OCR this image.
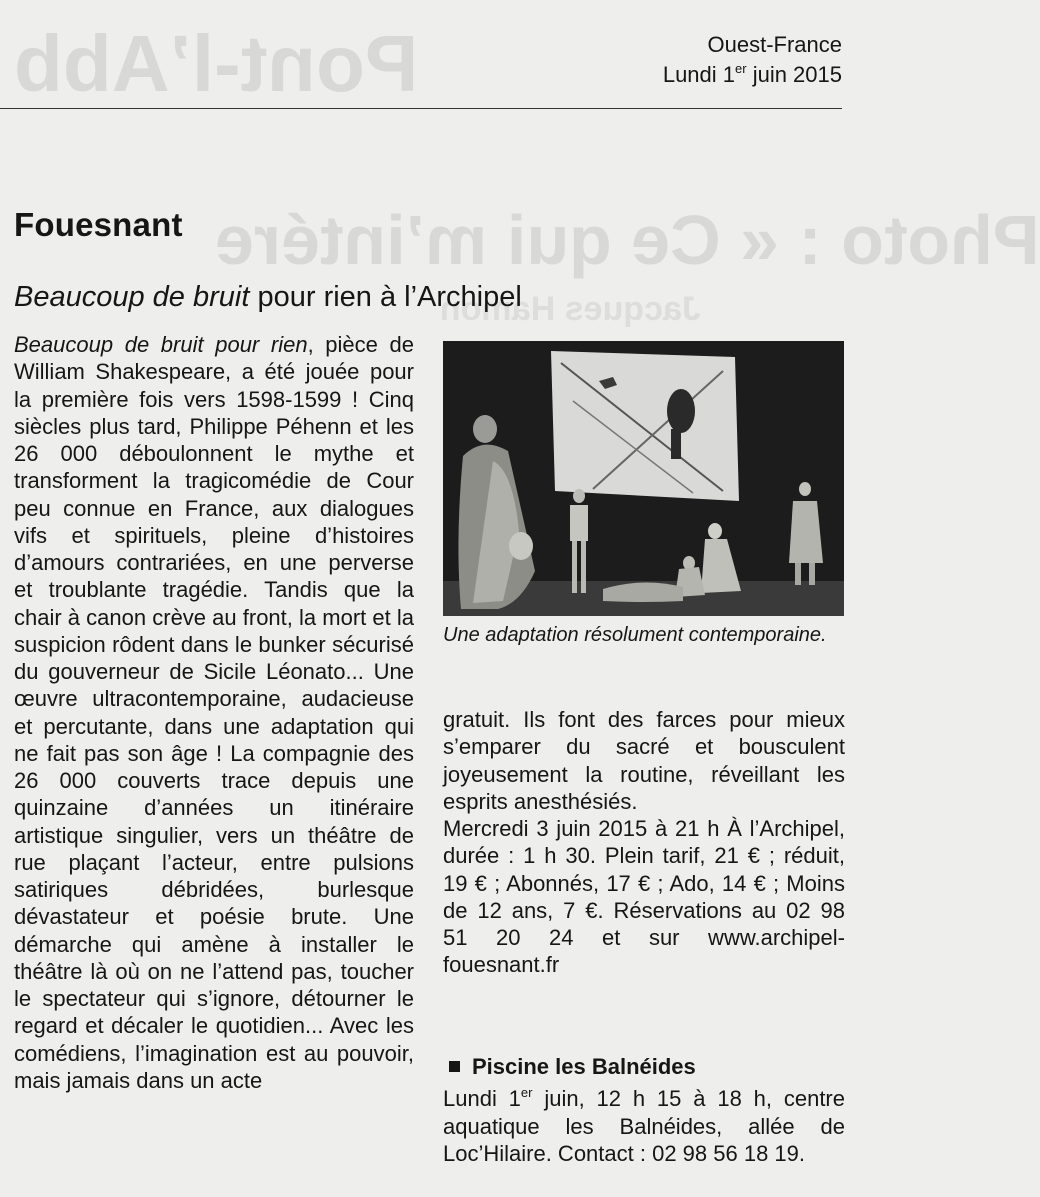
Pont-l’Abb
Photo : « Ce qui m’intére
Jacques Hamon
Ouest-France
Lundi 1er juin 2015
Fouesnant
Beaucoup de bruit pour rien à l’Archipel

Beaucoup de bruit pour rien, pièce de William Shakespeare, a été jouée pour la première fois vers 1598-1599 ! Cinq siècles plus tard, Philippe Péhenn et les 26 000 déboulonnent le mythe et transforment la tragicomédie de Cour peu connue en France, aux dialogues vifs et spirituels, pleine d’histoires d’amours contrariées, en une perverse et troublante tragédie. Tandis que la chair à canon crève au front, la mort et la suspicion rôdent dans le bunker sécurisé du gouverneur de Sicile Léonato... Une œuvre ultracontemporaine, audacieuse et percutante, dans une adaptation qui ne fait pas son âge ! La compagnie des 26 000 couverts trace depuis une quinzaine d’années un itinéraire artistique singulier, vers un théâtre de rue plaçant l’acteur, entre pulsions satiriques débridées, burlesque dévastateur et poésie brute. Une démarche qui amène à installer le théâtre là où on ne l’attend pas, toucher le spectateur qui s’ignore, détourner le regard et décaler le quotidien... Avec les comédiens, l’imagination est au pouvoir, mais jamais dans un acte

Une adaptation résolument contemporaine.

gratuit. Ils font des farces pour mieux s’emparer du sacré et bousculent joyeusement la routine, réveillant les esprits anesthésiés.

Mercredi 3 juin 2015 à 21 h À l’Archipel, durée : 1 h 30. Plein tarif, 21 € ; réduit, 19 € ; Abonnés, 17 € ; Ado, 14 € ; Moins de 12 ans, 7 €. Réservations au 02 98 51 20 24 et sur www.archipel-fouesnant.fr

Piscine les Balnéides
Lundi 1er juin, 12 h 15 à 18 h, centre aquatique les Balnéides, allée de Loc’Hilaire. Contact : 02 98 56 18 19.
